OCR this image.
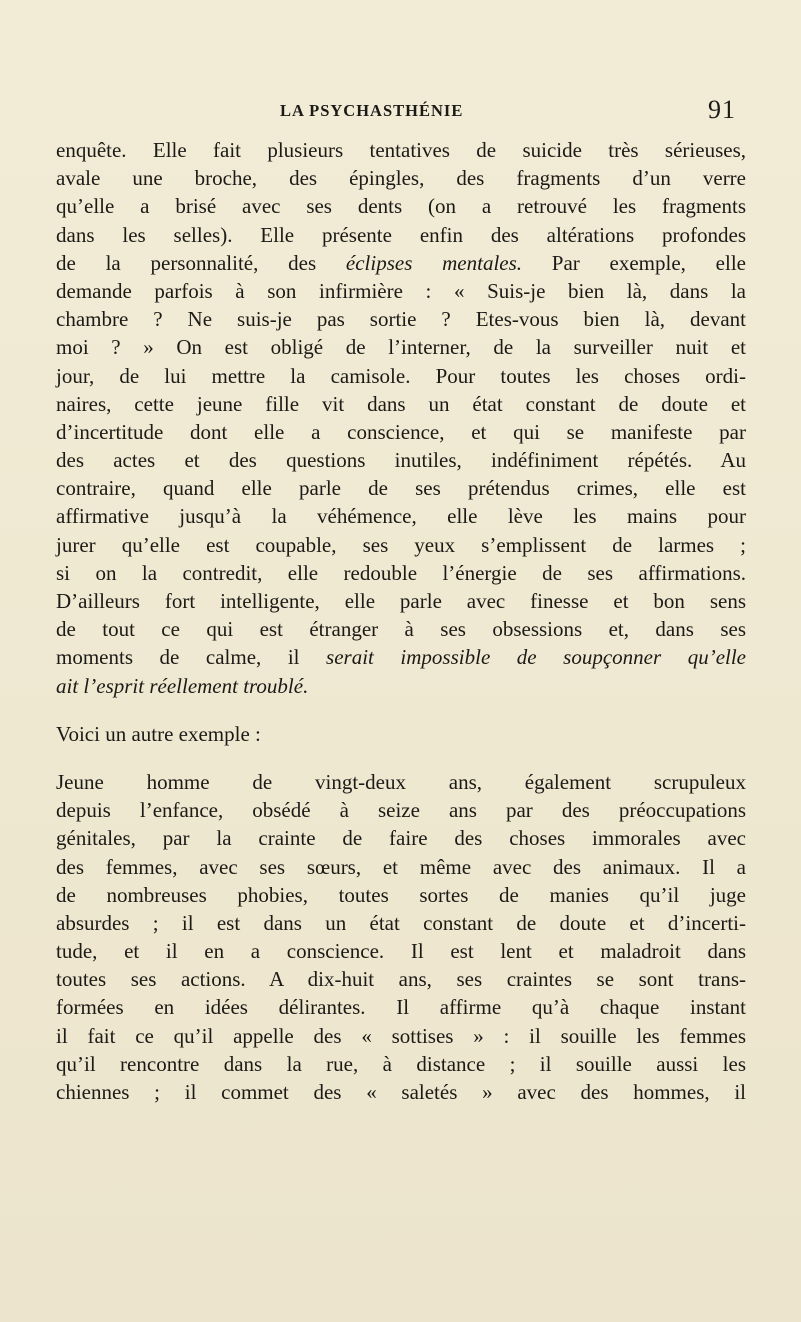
LA PSYCHASTHÉNIE	91
enquête. Elle fait plusieurs tentatives de suicide très sérieuses,
avale une broche, des épingles, des fragments d’un verre
qu’elle a brisé avec ses dents (on a retrouvé les fragments
dans les selles). Elle présente enfin des altérations profondes
de la personnalité, des éclipses mentales. Par exemple, elle
demande parfois à son infirmière : « Suis-je bien là, dans la
chambre ? Ne suis-je pas sortie ? Etes-vous bien là, devant
moi ? » On est obligé de l’interner, de la surveiller nuit et
jour, de lui mettre la camisole. Pour toutes les choses ordi-
naires, cette jeune fille vit dans un état constant de doute et
d’incertitude dont elle a conscience, et qui se manifeste par
des actes et des questions inutiles, indéfiniment répétés. Au
contraire, quand elle parle de ses prétendus crimes, elle est
affirmative jusqu’à la véhémence, elle lève les mains pour
jurer qu’elle est coupable, ses yeux s’emplissent de larmes ;
si on la contredit, elle redouble l’énergie de ses affirmations.
D’ailleurs fort intelligente, elle parle avec finesse et bon sens
de tout ce qui est étranger à ses obsessions et, dans ses
moments de calme, il serait impossible de soupçonner qu’elle
ait l’esprit réellement troublé.
Voici un autre exemple :
Jeune homme de vingt-deux ans, également scrupuleux
depuis l’enfance, obsédé à seize ans par des préoccupations
génitales, par la crainte de faire des choses immorales avec
des femmes, avec ses sœurs, et même avec des animaux. Il a
de nombreuses phobies, toutes sortes de manies qu’il juge
absurdes ; il est dans un état constant de doute et d’incerti-
tude, et il en a conscience. Il est lent et maladroit dans
toutes ses actions. A dix-huit ans, ses craintes se sont trans-
formées en idées délirantes. Il affirme qu’à chaque instant
il fait ce qu’il appelle des « sottises » : il souille les femmes
qu’il rencontre dans la rue, à distance ; il souille aussi les
chiennes ; il commet des « saletés » avec des hommes, il
